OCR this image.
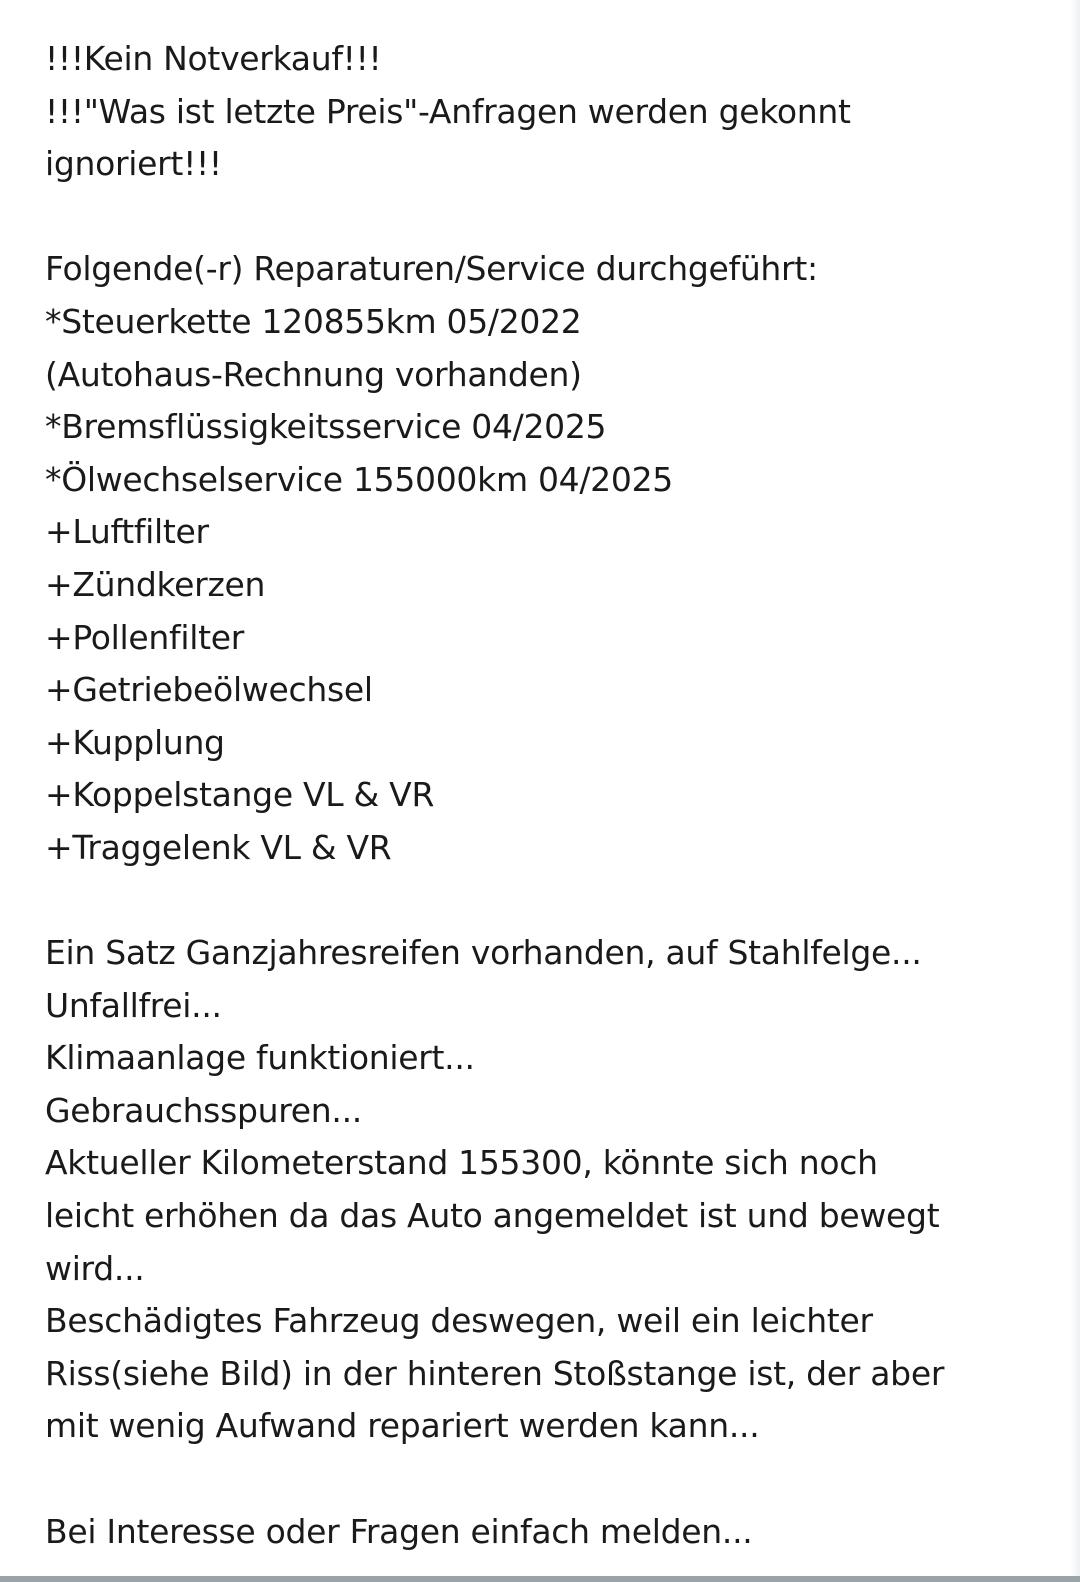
!!!Kein Notverkauf!!!
!!!"Was ist letzte Preis"-Anfragen werden gekonnt
ignoriert!!!
Folgende(-r) Reparaturen/Service durchgeführt:
*Steuerkette 120855km 05/2022
(Autohaus-Rechnung vorhanden)
*Bremsflüssigkeitsservice 04/2025
*Ölwechselservice 155000km 04/2025
+Luftfilter
+Zündkerzen
+Pollenfilter
+Getriebeölwechsel
+Kupplung
+Koppelstange VL & VR
+Traggelenk VL & VR
Ein Satz Ganzjahresreifen vorhanden, auf Stahlfelge...
Unfallfrei...
Klimaanlage funktioniert...
Gebrauchsspuren...
Aktueller Kilometerstand 155300, könnte sich noch
leicht erhöhen da das Auto angemeldet ist und bewegt
wird...
Beschädigtes Fahrzeug deswegen, weil ein leichter
Riss(siehe Bild) in der hinteren Stoßstange ist, der aber
mit wenig Aufwand repariert werden kann...
Bei Interesse oder Fragen einfach melden...
